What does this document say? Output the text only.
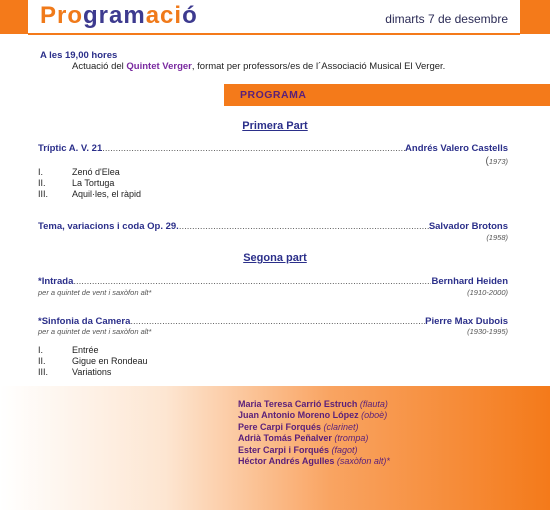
Programació	dimarts 7 de desembre
A les 19,00 hores
Actuació del Quintet Verger, format per professors/es de l´Associació Musical El Verger.
PROGRAMA
Primera Part
Tríptic A. V. 21 .....	Andrés Valero Castells
(1973)
I.	Zenó d'Elea
II.	La Tortuga
III.	Aquil·les, el ràpid
Tema, variacions i coda Op. 29. .....	Salvador Brotons
(1958)
Segona part
*Intrada .....	Bernhard Heiden
per a quintet de vent i saxòfon alt*	(1910-2000)
*Sinfonia da Camera .....	Pierre Max Dubois
per a quintet de vent i saxòfon alt*	(1930-1995)
I.	Entrée
II.	Gigue en Rondeau
III.	Variations
Maria Teresa Carrió Estruch (flauta)
Juan Antonio Moreno López (oboè)
Pere Carpi Forqués (clarinet)
Adrià Tomás Peñalver (trompa)
Ester Carpi i Forqués (fagot)
Héctor Andrés Agulles (saxòfon alt)*
